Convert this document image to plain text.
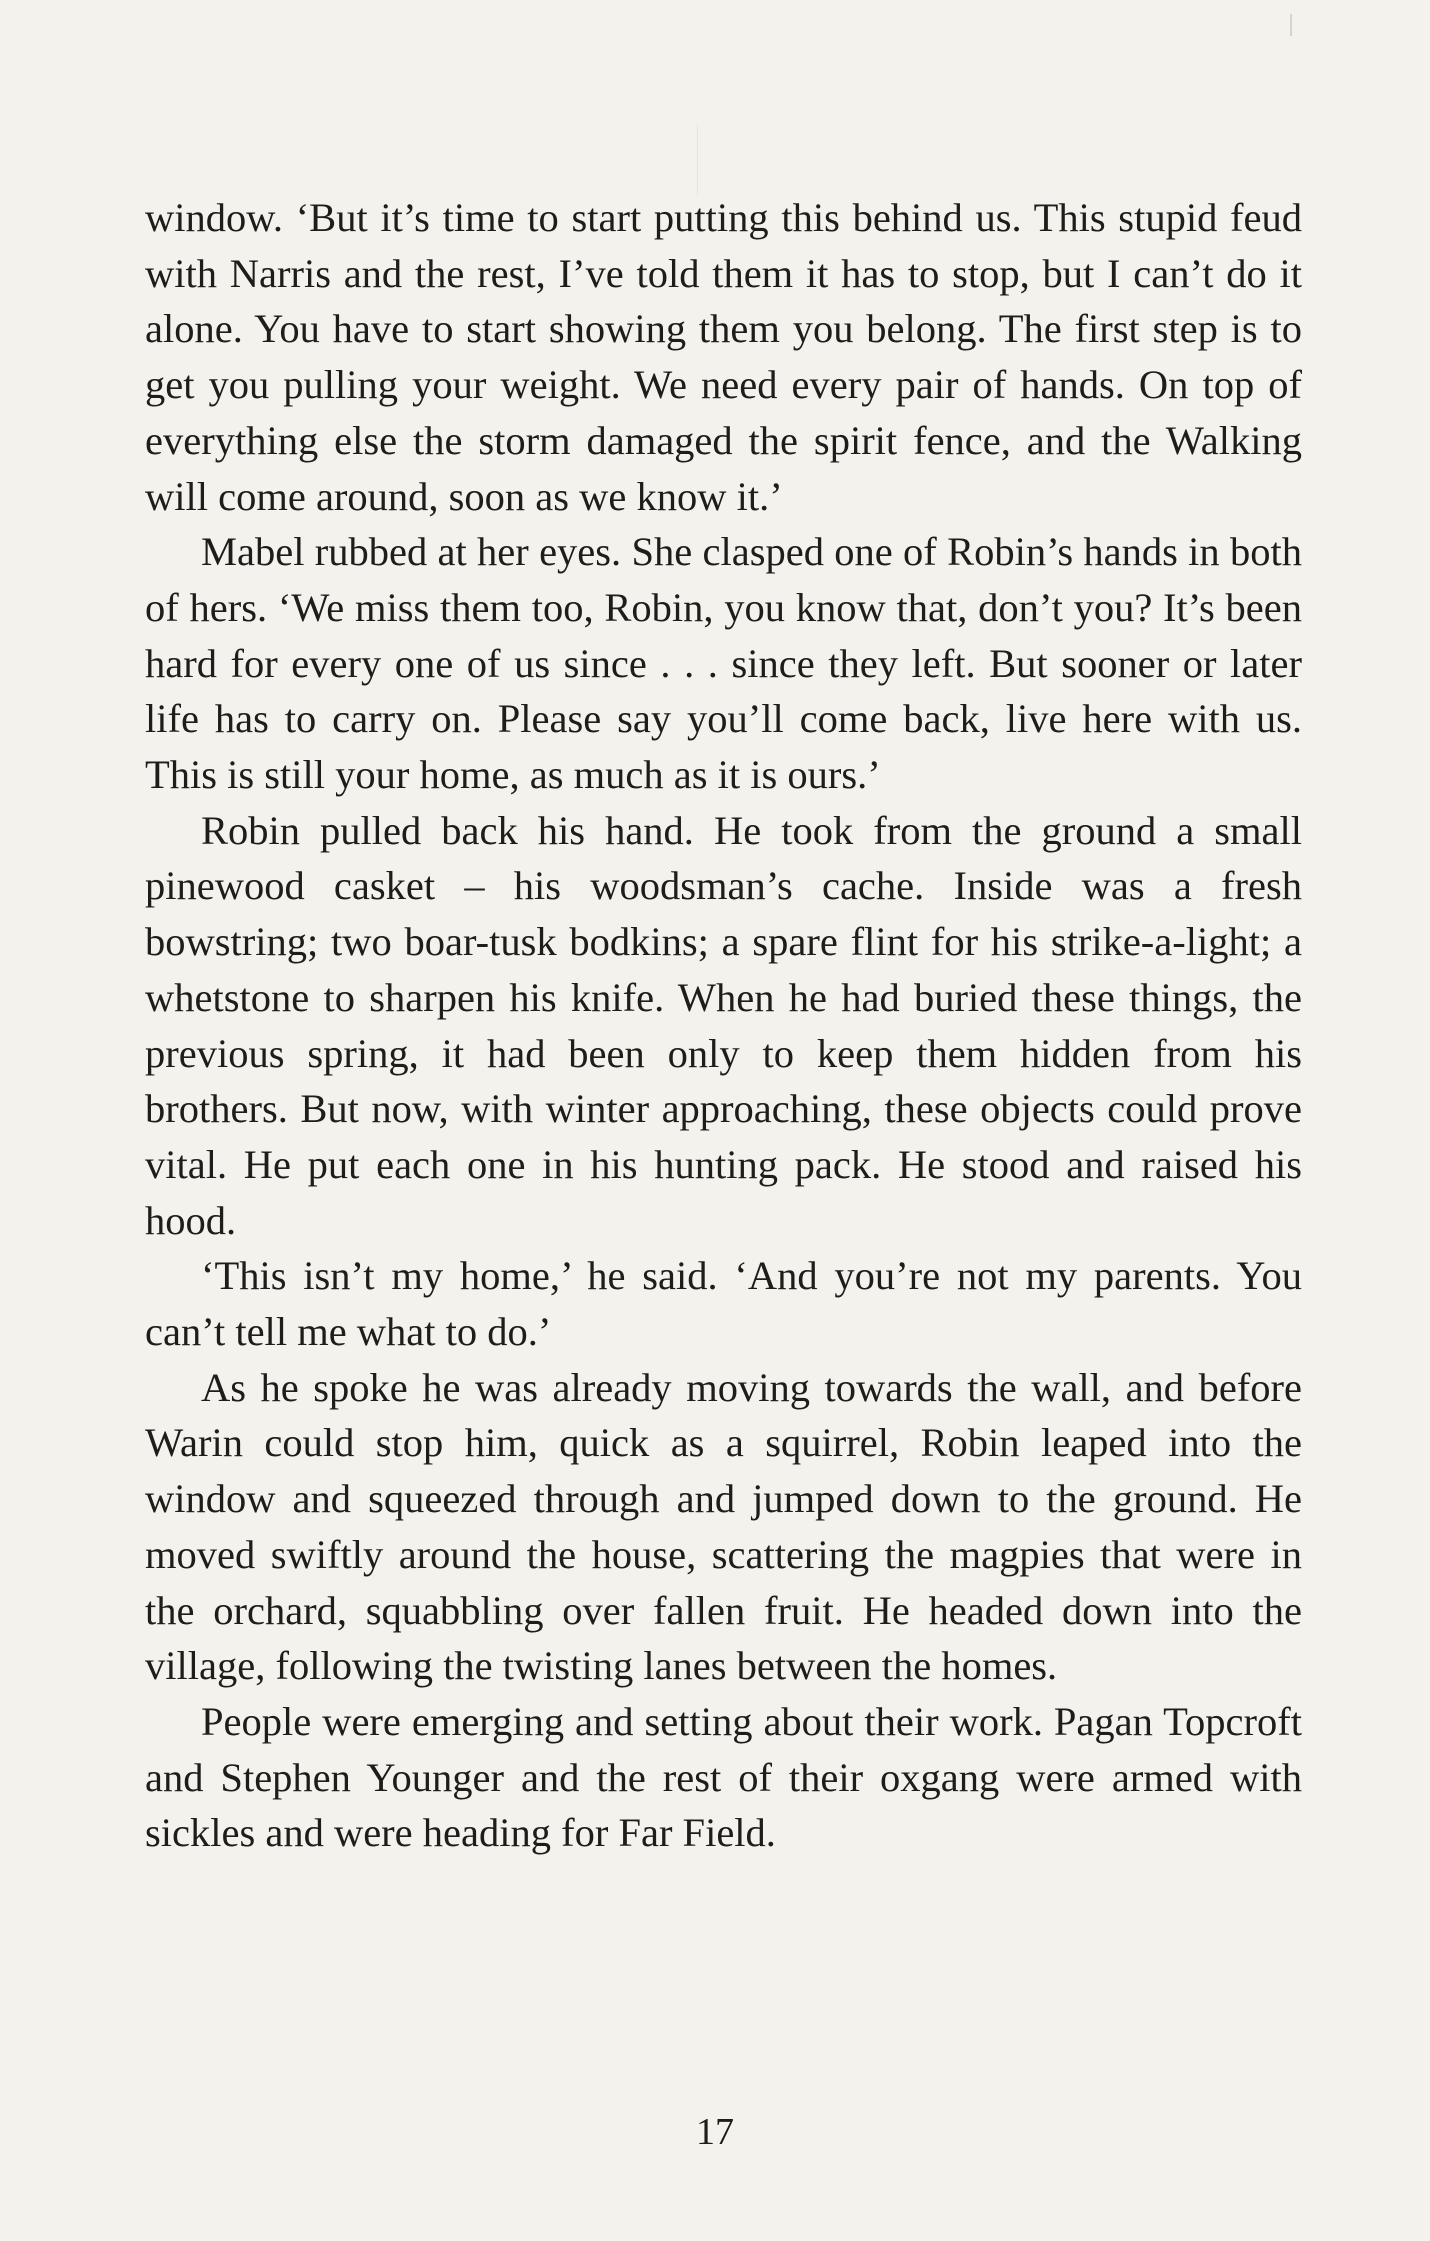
window. ‘But it’s time to start putting this behind us. This stupid feud with Narris and the rest, I’ve told them it has to stop, but I can’t do it alone. You have to start showing them you belong. The first step is to get you pulling your weight. We need every pair of hands. On top of everything else the storm damaged the spirit fence, and the Walking will come around, soon as we know it.’

Mabel rubbed at her eyes. She clasped one of Robin’s hands in both of hers. ‘We miss them too, Robin, you know that, don’t you? It’s been hard for every one of us since . . . since they left. But sooner or later life has to carry on. Please say you’ll come back, live here with us. This is still your home, as much as it is ours.’

Robin pulled back his hand. He took from the ground a small pinewood casket – his woodsman’s cache. Inside was a fresh bowstring; two boar-tusk bodkins; a spare flint for his strike-a-light; a whetstone to sharpen his knife. When he had buried these things, the previous spring, it had been only to keep them hidden from his brothers. But now, with winter approaching, these objects could prove vital. He put each one in his hunting pack. He stood and raised his hood.

‘This isn’t my home,’ he said. ‘And you’re not my parents. You can’t tell me what to do.’

As he spoke he was already moving towards the wall, and before Warin could stop him, quick as a squirrel, Robin leaped into the window and squeezed through and jumped down to the ground. He moved swiftly around the house, scattering the magpies that were in the orchard, squabbling over fallen fruit. He headed down into the village, following the twisting lanes between the homes.

People were emerging and setting about their work. Pagan Topcroft and Stephen Younger and the rest of their oxgang were armed with sickles and were heading for Far Field.

17
